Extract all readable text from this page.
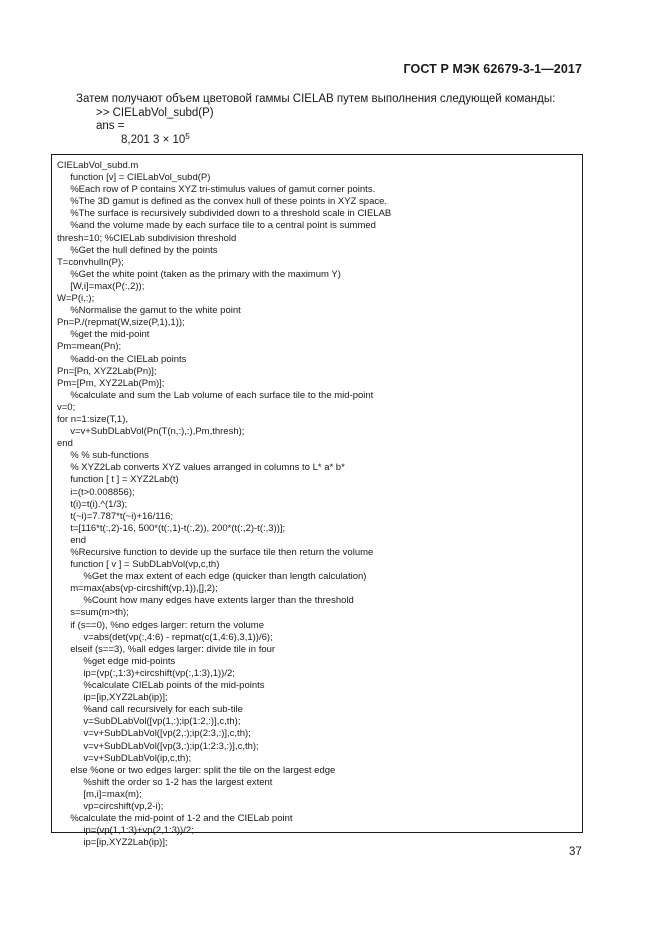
ГОСТ Р МЭК 62679-3-1—2017
Затем получают объем цветовой гаммы CIELAB путем выполнения следующей команды:
>> CIELabVol_subd(P)
ans =
8,201 $3 \times 10^5$
CIELabVol_subd.m
function [v] = CIELabVol_subd(P)
%Each row of P contains XYZ tri-stimulus values of gamut corner points.
%The 3D gamut is defined as the convex hull of these points in XYZ space.
%The surface is recursively subdivided down to a threshold scale in CIELAB
%and the volume made by each surface tile to a central point is summed
thresh=10; %CIELab subdivision threshold
%Get the hull defined by the points
T=convhulln(P);
%Get the white point (taken as the primary with the maximum Y)
[W,i]=max(P(:,2));
W=P(i,:);
%Normalise the gamut to the white point
Pn=P./(repmat(W,size(P,1),1));
%get the mid-point
Pm=mean(Pn);
%add-on the CIELab points
Pn=[Pn, XYZ2Lab(Pn)];
Pm=[Pm, XYZ2Lab(Pm)];
%calculate and sum the Lab volume of each surface tile to the mid-point
v=0;
for n=1:size(T,1),
v=v+SubDLabVol(Pn(T(n,:),:),Pm,thresh);
end
% % sub-functions
% XYZ2Lab converts XYZ values arranged in columns to L* a* b*
function [ t ] = XYZ2Lab(t)
i=(t>0.008856);
t(i)=t(i).^(1/3);
t(~i)=7.787*t(~i)+16/116;
t=[116*t(:,2)-16, 500*(t(:,1)-t(:,2)), 200*(t(:,2)-t(:,3))];
end
%Recursive function to devide up the surface tile then return the volume
function [ v ] = SubDLabVol(vp,c,th)
%Get the max extent of each edge (quicker than length calculation)
m=max(abs(vp-circshift(vp,1)),[],2);
%Count how many edges have extents larger than the threshold
s=sum(m>th);
if (s==0), %no edges larger: return the volume
v=abs(det(vp(:,4:6) - repmat(c(1,4:6),3,1))/6);
elseif (s==3), %all edges larger: divide tile in four
%get edge mid-points
ip=(vp(:,1:3)+circshift(vp(:,1:3),1))/2;
%calculate CIELab points of the mid-points
ip=[ip,XYZ2Lab(ip)];
%and call recursively for each sub-tile
v=SubDLabVol([vp(1,:);ip(1:2,:)],c,th);
v=v+SubDLabVol([vp(2,:);ip(2:3,:)],c,th);
v=v+SubDLabVol([vp(3,:);ip(1:2:3,:)],c,th);
v=v+SubDLabVol(ip,c,th);
else %one or two edges larger: split the tile on the largest edge
%shift the order so 1-2 has the largest extent
[m,i]=max(m);
vp=circshift(vp,2-i);
%calculate the mid-point of 1-2 and the CIELab point
ip=(vp(1,1:3)+vp(2,1:3))/2;
ip=[ip,XYZ2Lab(ip)];
37
